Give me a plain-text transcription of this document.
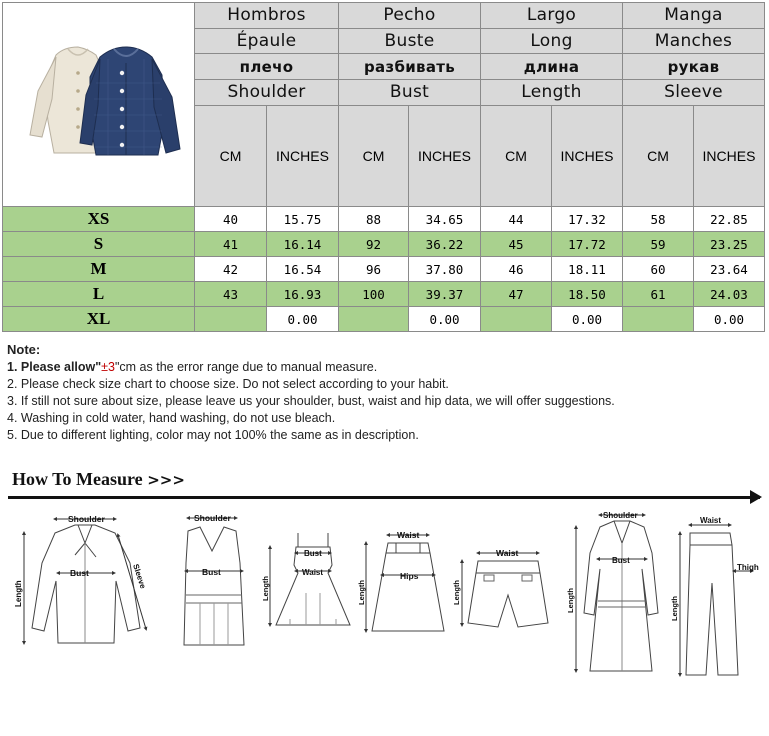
	Hombros		Pecho		Largo		Manga	
	Épaule		Buste		Long		Manches	
	плечо		разбивать		длина		рукав	
	Shoulder		Bust		Length		Sleeve	
	CM	INCHES	CM	INCHES	CM	INCHES	CM	INCHES
XS	40	15.75	88	34.65	44	17.32	58	22.85
S	41	16.14	92	36.22	45	17.72	59	23.25
M	42	16.54	96	37.80	46	18.11	60	23.64
L	43	16.93	100	39.37	47	18.50	61	24.03
XL		0.00		0.00		0.00		0.00
Note:
1. Please allow"±3"cm as the error range due to manual measure.
2. Please check size chart to choose size. Do not select according to your habit.
3. If still not sure about size, please leave us your shoulder, bust, waist and hip data, we will offer suggestions.
4. Washing in cold water, hand washing, do not use bleach.
5. Due to different lighting, color may not 100% the same as in description.
How To Measure >>>
Shoulder
Bust
Length
Sleeve
Shoulder
Bust
Bust
Waist
Length
Waist
Hips
Length
Waist
Length
Shoulder
Bust
Length
Waist
Thigh
Length
